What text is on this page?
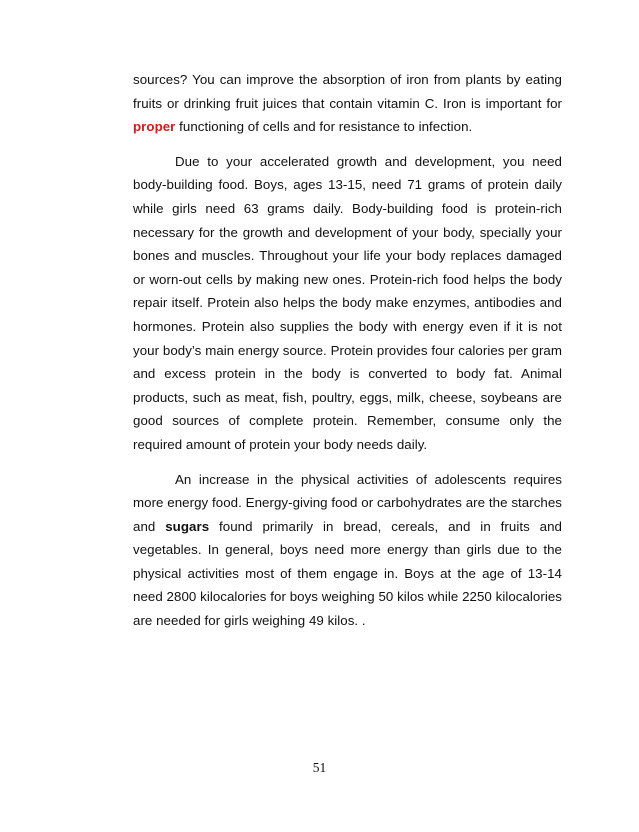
sources? You can improve the absorption of iron from plants by eating fruits or drinking fruit juices that contain vitamin C. Iron is important for proper functioning of cells and for resistance to infection.

Due to your accelerated growth and development, you need body-building food. Boys, ages 13-15, need 71 grams of protein daily while girls need 63 grams daily. Body-building food is protein-rich necessary for the growth and development of your body, specially your bones and muscles. Throughout your life your body replaces damaged or worn-out cells by making new ones. Protein-rich food helps the body repair itself. Protein also helps the body make enzymes, antibodies and hormones. Protein also supplies the body with energy even if it is not your body’s main energy source. Protein provides four calories per gram and excess protein in the body is converted to body fat. Animal products, such as meat, fish, poultry, eggs, milk, cheese, soybeans are good sources of complete protein. Remember, consume only the required amount of protein your body needs daily.

An increase in the physical activities of adolescents requires more energy food. Energy-giving food or carbohydrates are the starches and sugars found primarily in bread, cereals, and in fruits and vegetables. In general, boys need more energy than girls due to the physical activities most of them engage in. Boys at the age of 13-14 need 2800 kilocalories for boys weighing 50 kilos while 2250 kilocalories are needed for girls weighing 49 kilos. .

51
